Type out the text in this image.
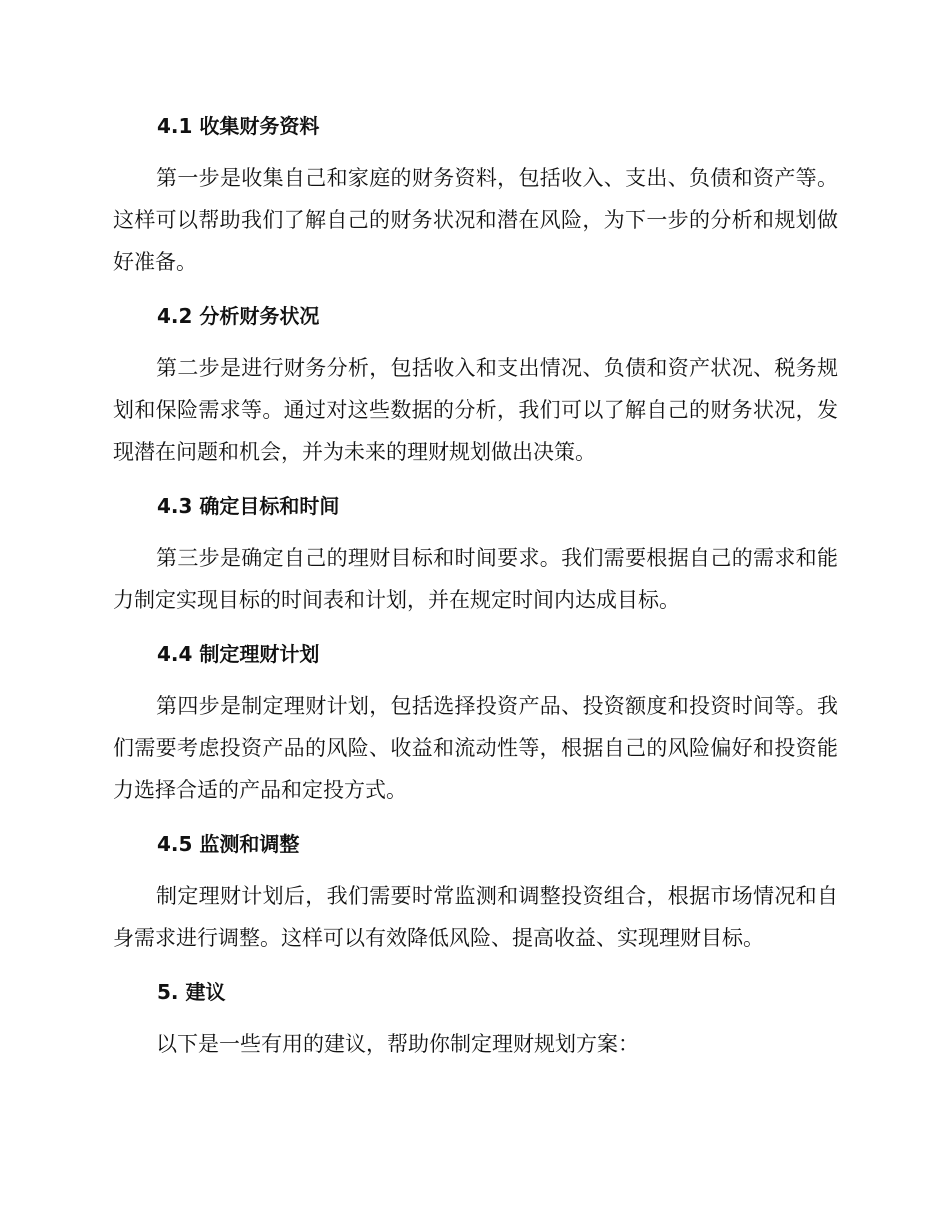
4.1 收集财务资料

第一步是收集自己和家庭的财务资料，包括收入、支出、负债和资产等。这样可以帮助我们了解自己的财务状况和潜在风险，为下一步的分析和规划做好准备。

4.2 分析财务状况

第二步是进行财务分析，包括收入和支出情况、负债和资产状况、税务规划和保险需求等。通过对这些数据的分析，我们可以了解自己的财务状况，发现潜在问题和机会，并为未来的理财规划做出决策。

4.3 确定目标和时间

第三步是确定自己的理财目标和时间要求。我们需要根据自己的需求和能力制定实现目标的时间表和计划，并在规定时间内达成目标。

4.4 制定理财计划

第四步是制定理财计划，包括选择投资产品、投资额度和投资时间等。我们需要考虑投资产品的风险、收益和流动性等，根据自己的风险偏好和投资能力选择合适的产品和定投方式。

4.5 监测和调整

制定理财计划后，我们需要时常监测和调整投资组合，根据市场情况和自身需求进行调整。这样可以有效降低风险、提高收益、实现理财目标。

5. 建议

以下是一些有用的建议，帮助你制定理财规划方案：
